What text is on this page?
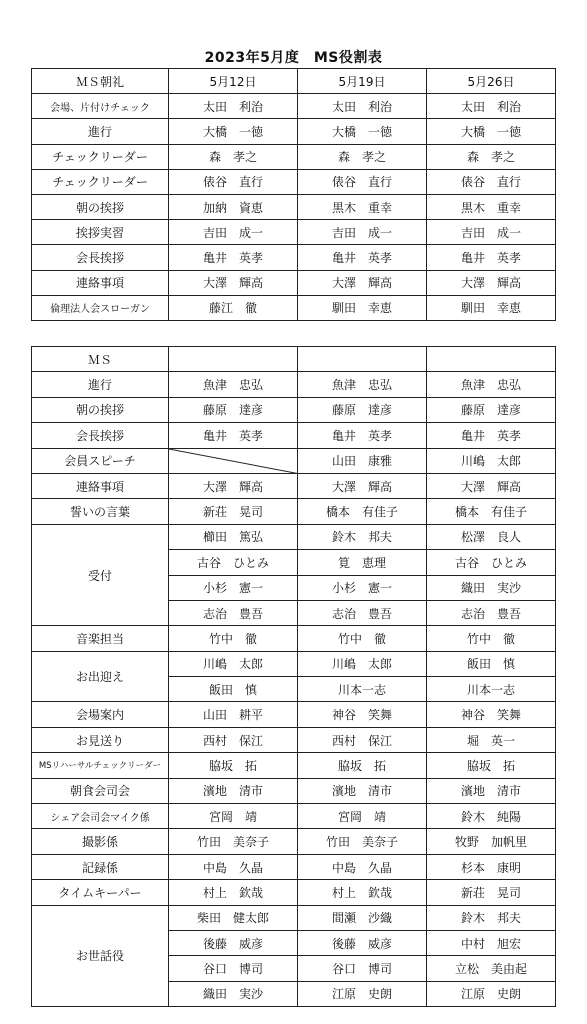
2023年5月度　MS役割表
ＭＳ朝礼	5月12日	5月19日	5月26日
会場、片付けチェック	太田　利治	太田　利治	太田　利治
進行	大橋　一徳	大橋　一徳	大橋　一徳
チェックリーダー	森　孝之	森　孝之	森　孝之
チェックリーダー	俵谷　直行	俵谷　直行	俵谷　直行
朝の挨拶	加納　資恵	黒木　重幸	黒木　重幸
挨拶実習	吉田　成一	吉田　成一	吉田　成一
会長挨拶	亀井　英孝	亀井　英孝	亀井　英孝
連絡事項	大澤　輝高	大澤　輝高	大澤　輝高
倫理法人会スローガン	藤江　徹	馴田　幸恵	馴田　幸恵
ＭＳ			
進行	魚津　忠弘	魚津　忠弘	魚津　忠弘
朝の挨拶	藤原　達彦	藤原　達彦	藤原　達彦
会長挨拶	亀井　英孝	亀井　英孝	亀井　英孝
会員スピーチ		山田　康雅	川嶋　太郎
連絡事項	大澤　輝高	大澤　輝高	大澤　輝高
誓いの言葉	新荘　晃司	橋本　有佳子	橋本　有佳子
受付	櫛田　篤弘	鈴木　邦夫	松澤　良人
	古谷　ひとみ	筧　恵理	古谷　ひとみ
	小杉　憲一	小杉　憲一	織田　実沙
	志治　豊吾	志治　豊吾	志治　豊吾
音楽担当	竹中　徹	竹中　徹	竹中　徹
お出迎え	川嶋　太郎	川嶋　太郎	飯田　慎
	飯田　慎	川本一志	川本一志
会場案内	山田　耕平	神谷　笑舞	神谷　笑舞
お見送り	西村　保江	西村　保江	堀　英一
MSリハーサルチェックリーダー	脇坂　拓	脇坂　拓	脇坂　拓
朝食会司会	濱地　清市	濱地　清市	濱地　清市
シェア会司会マイク係	宮岡　靖	宮岡　靖	鈴木　純陽
撮影係	竹田　美奈子	竹田　美奈子	牧野　加帆里
記録係	中島　久晶	中島　久晶	杉本　康明
タイムキーパー	村上　欽哉	村上　欽哉	新荘　晃司
お世話役	柴田　健太郎	間瀬　沙織	鈴木　邦夫
	後藤　威彦	後藤　威彦	中村　旭宏
	谷口　博司	谷口　博司	立松　美由起
	織田　実沙	江原　史朗	江原　史朗
